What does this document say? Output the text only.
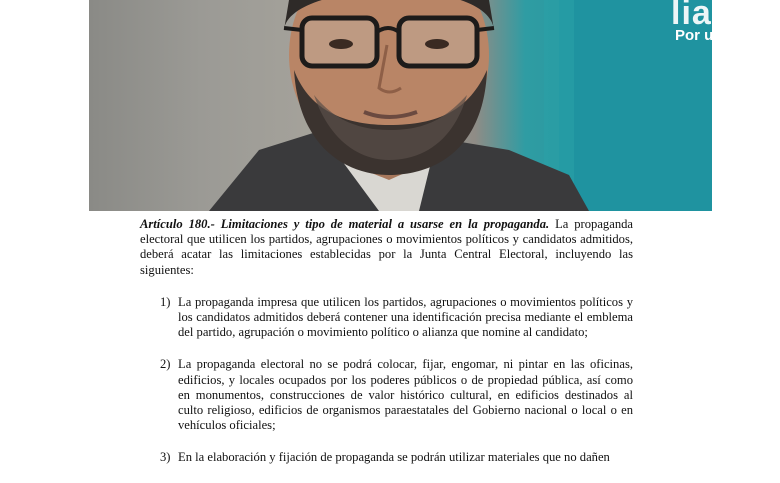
lianz
Por un Gobie

Artículo 180.- Limitaciones y tipo de material a usarse en la propaganda. La propaganda electoral que utilicen los partidos, agrupaciones o movimientos políticos y candidatos admitidos, deberá acatar las limitaciones establecidas por la Junta Central Electoral, incluyendo las siguientes:

1) La propaganda impresa que utilicen los partidos, agrupaciones o movimientos políticos y los candidatos admitidos deberá contener una identificación precisa mediante el emblema del partido, agrupación o movimiento político o alianza que nomine al candidato;
2) La propaganda electoral no se podrá colocar, fijar, engomar, ni pintar en las oficinas, edificios, y locales ocupados por los poderes públicos o de propiedad pública, así como en monumentos, construcciones de valor histórico cultural, en edificios destinados al culto religioso, edificios de organismos paraestatales del Gobierno nacional o local o en vehículos oficiales;
3) En la elaboración y fijación de propaganda se podrán utilizar materiales que no dañen
